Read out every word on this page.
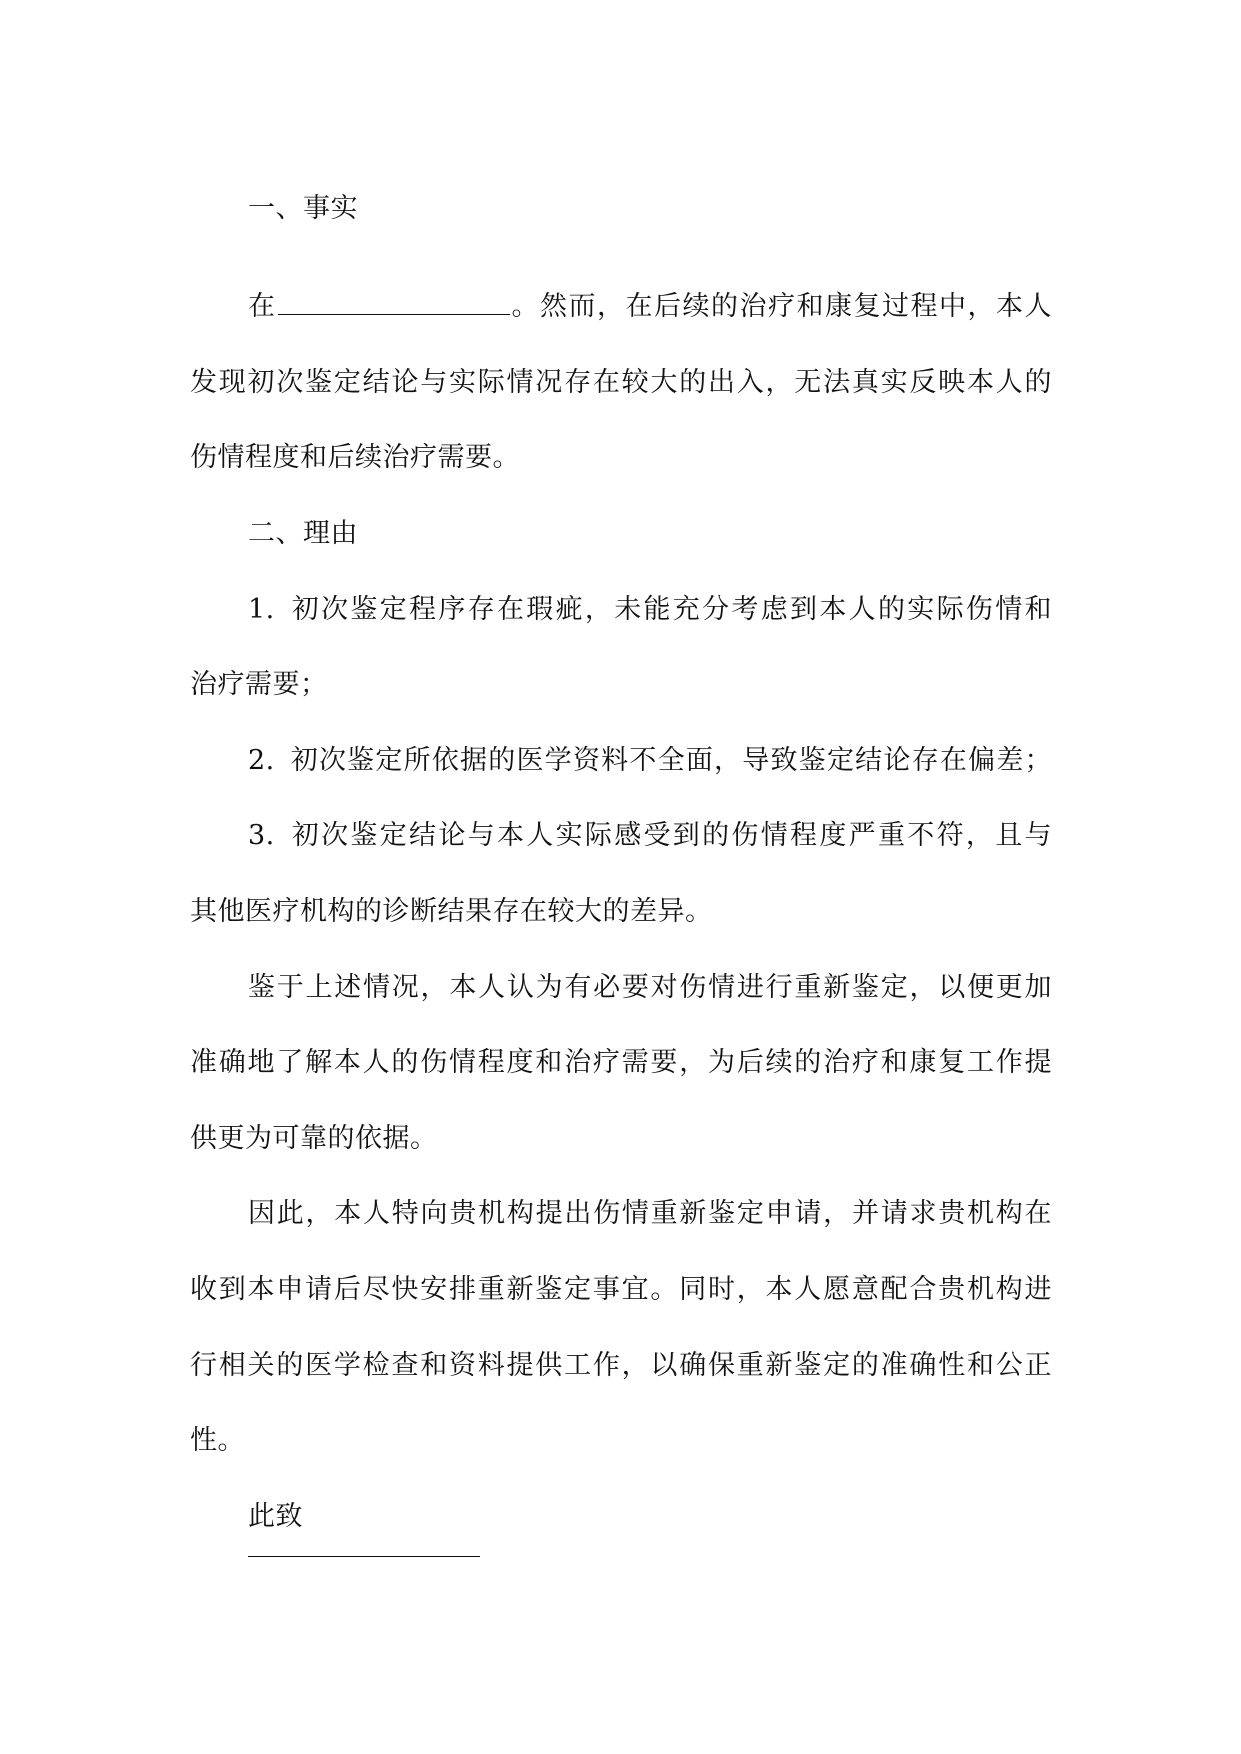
一、事实
在	。然而，在后续的治疗和康复过程中，本人
发现初次鉴定结论与实际情况存在较大的出入，无法真实反映本人的
伤情程度和后续治疗需要。
二、理由
1. 初次鉴定程序存在瑕疵，未能充分考虑到本人的实际伤情和
治疗需要；
2. 初次鉴定所依据的医学资料不全面，导致鉴定结论存在偏差；
3. 初次鉴定结论与本人实际感受到的伤情程度严重不符，且与
其他医疗机构的诊断结果存在较大的差异。
鉴于上述情况，本人认为有必要对伤情进行重新鉴定，以便更加
准确地了解本人的伤情程度和治疗需要，为后续的治疗和康复工作提
供更为可靠的依据。
因此，本人特向贵机构提出伤情重新鉴定申请，并请求贵机构在
收到本申请后尽快安排重新鉴定事宜。同时，本人愿意配合贵机构进
行相关的医学检查和资料提供工作，以确保重新鉴定的准确性和公正
性。
此致
